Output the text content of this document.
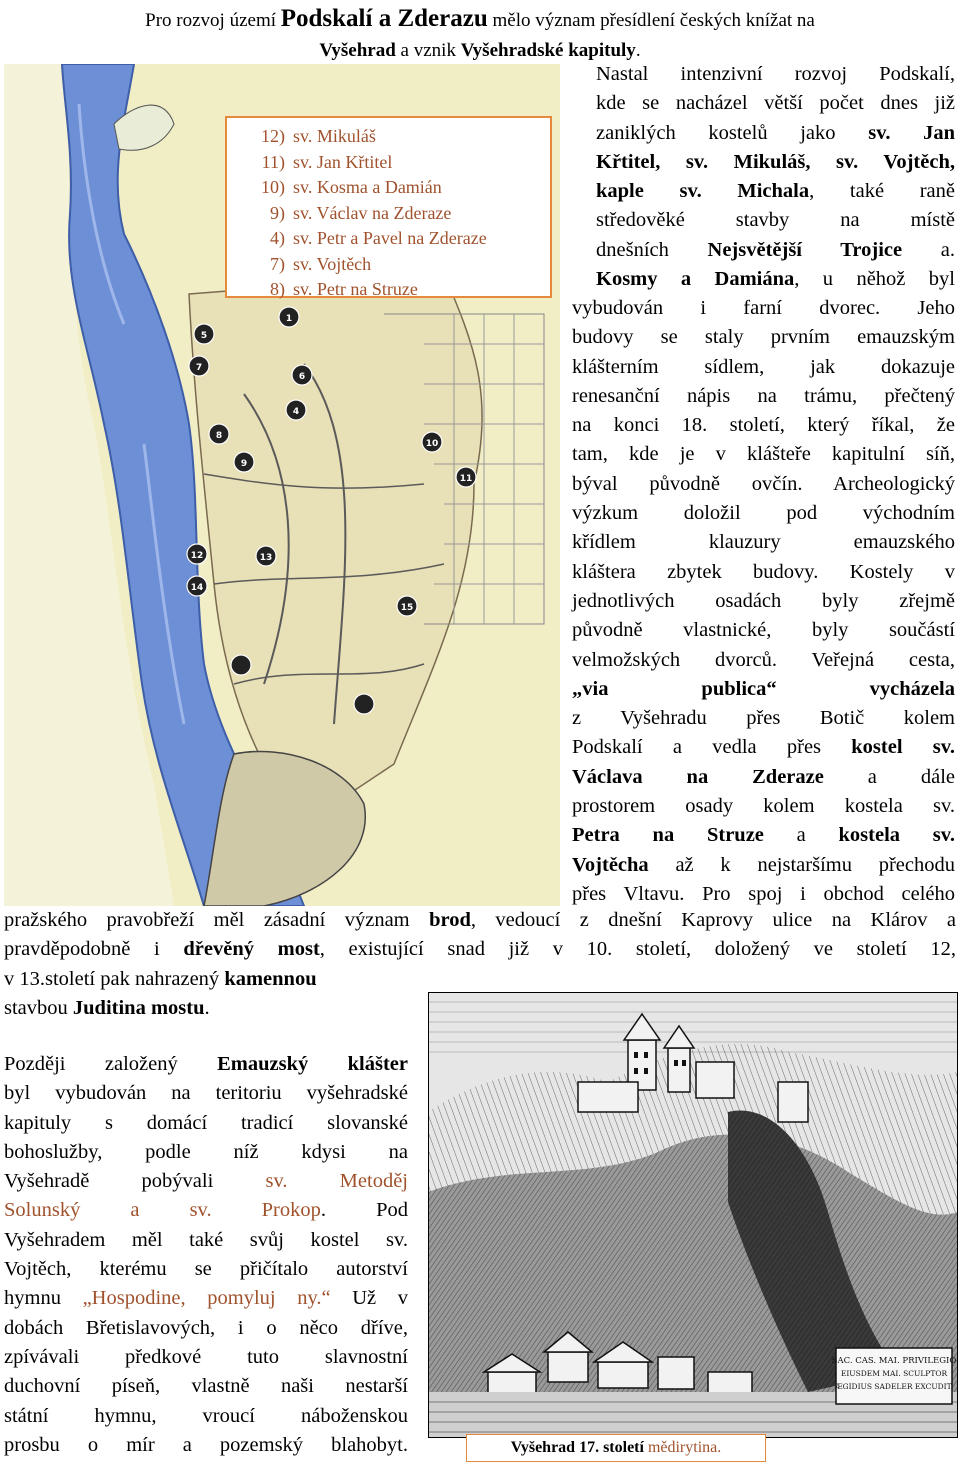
Pro rozvoj území Podskalí a Zderazu mělo význam přesídlení českých knížat na
Vyšehrad a vznik Vyšehradské kapituly.
1
4
5
6
7
8
9
10
11
12	13
14
15
12) sv. Mikuláš
11) sv. Jan Křtitel
10) sv. Kosma a Damián
9) sv. Václav na Zderaze
4) sv. Petr a Pavel na Zderaze
7) sv. Vojtěch
8) sv. Petr na Struze
Nastal intenzivní rozvoj Podskalí,
kde se nacházel větší počet dnes již
zaniklých kostelů jako sv. Jan
Křtitel, sv. Mikuláš, sv. Vojtěch,
kaple sv. Michala, také raně
středověké stavby na místě
dnešních Nejsvětější Trojice a.
Kosmy a Damiána, u něhož byl
vybudován i farní dvorec. Jeho
budovy se staly prvním emauzským
klášterním sídlem, jak dokazuje
renesanční nápis na trámu, přečtený
na konci 18. století, který říkal, že
tam, kde je v klášteře kapitulní síň,
býval původně ovčín. Archeologický
výzkum doložil pod východním
křídlem klauzury emauzského
kláštera zbytek budovy. Kostely v
jednotlivých osadách byly zřejmě
původně vlastnické, byly součástí
velmožských dvorců. Veřejná cesta,
„via publica“ vycházela
z Vyšehradu přes Botič kolem
Podskalí a vedla přes kostel sv.
Václava na Zderaze a dále
prostorem osady kolem kostela sv.
Petra na Struze a kostela sv.
Vojtěcha až k nejstaršímu přechodu
přes Vltavu. Pro spoj i obchod celého
pražského pravobřeží měl zásadní význam brod, vedoucí z dnešní Kaprovy ulice na Klárov a
pravděpodobně i dřevěný most, existující snad již v 10. století, doložený ve století 12,
v 13.století pak nahrazený kamennou
stavbou Juditina mostu.
Později založený Emauzský klášter
byl vybudován na teritoriu vyšehradské
kapituly s domácí tradicí slovanské
bohoslužby, podle níž kdysi na
Vyšehradě pobývali sv. Metoděj
Solunský a sv. Prokop. Pod
Vyšehradem měl také svůj kostel sv.
Vojtěch, kterému se přičítalo autorství
hymnu „Hospodine, pomyluj ny.“ Už v
dobách Břetislavových, i o něco dříve,
zpívávali předkové tuto slavnostní
duchovní píseň, vlastně naši nestarší
státní hymnu, vroucí náboženskou
prosbu o mír a pozemský blahobyt.
SAC. CAS. MAI. PRIVILEGIO
EIUSDEM MAI. SCULPTOR
ÆGIDIUS SADELER EXCUDIT.
Vyšehrad 17. století mědirytina.
